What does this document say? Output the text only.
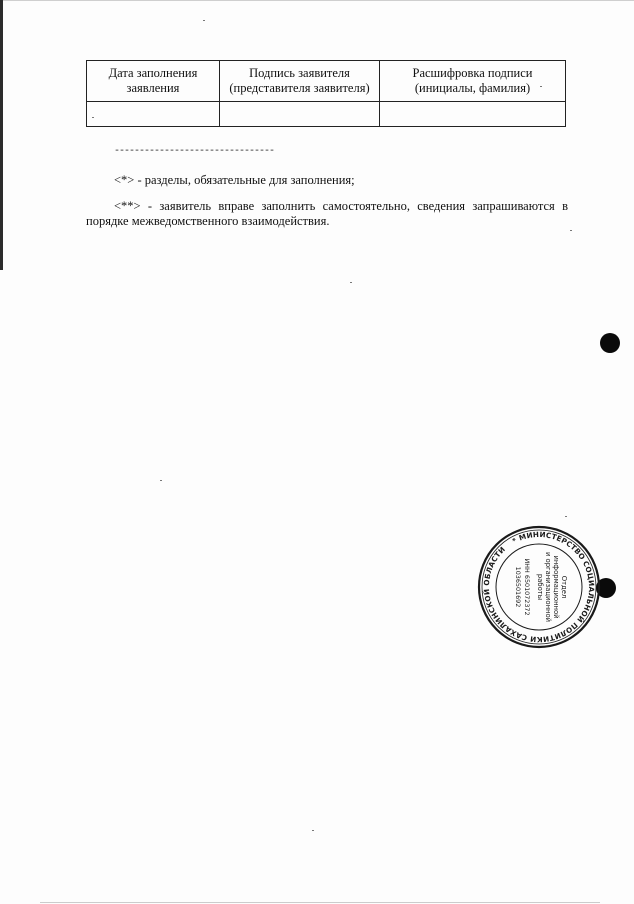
Дата заполнения заявления	Подпись заявителя (представителя заявителя)	Расшифровка подписи (инициалы, фамилия)

--------------------------------
<*> - разделы, обязательные для заполнения;
<**> - заявитель вправе заполнить самостоятельно, сведения запрашиваются в порядке межведомственного взаимодействия.
* МИНИСТЕРСТВО СОЦИАЛЬНОЙ ПОЛИТИКИ САХАЛИНСКОЙ ОБЛАСТИ
Отдел
информационной
и организационной
работы
ИНН 6501072372
1036501692
